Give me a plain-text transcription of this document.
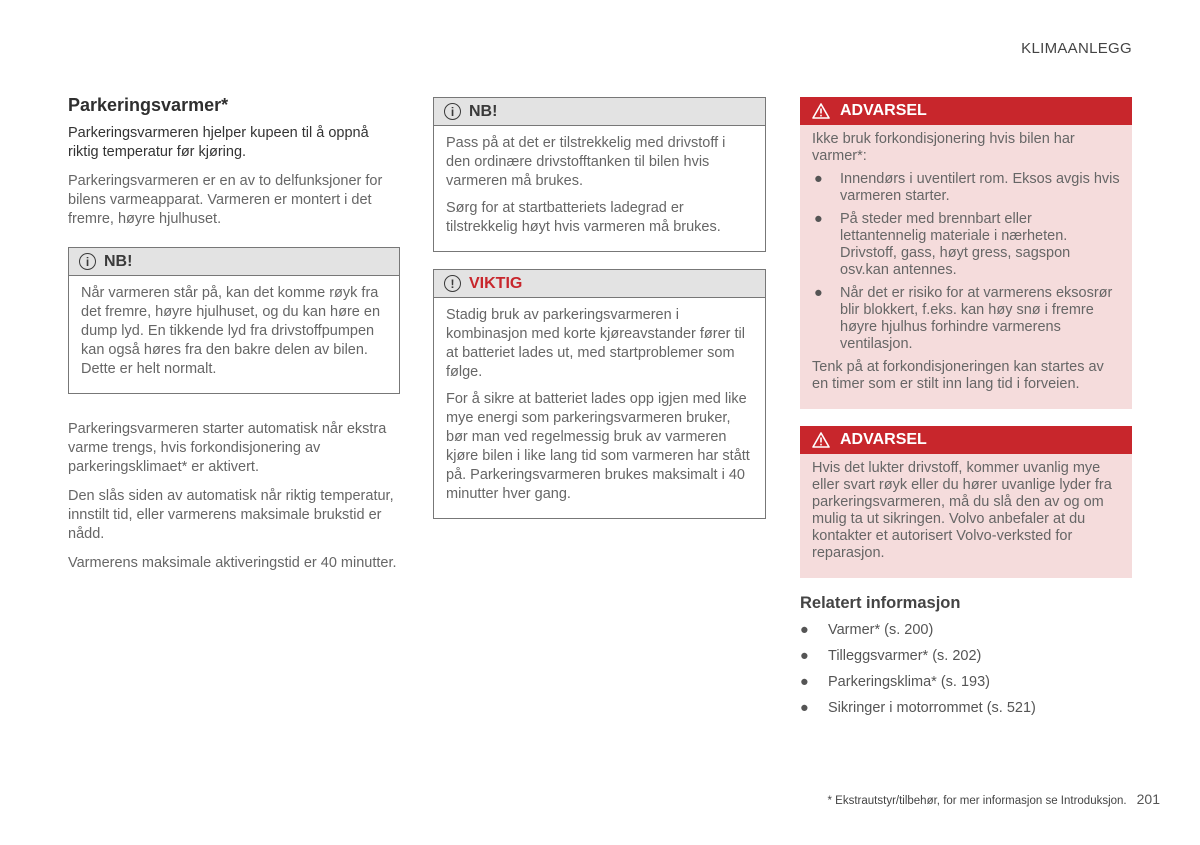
KLIMAANLEGG
Parkeringsvarmer*

Parkeringsvarmeren hjelper kupeen til å oppnå riktig temperatur før kjøring.

Parkeringsvarmeren er en av to delfunksjoner for bilens varmeapparat. Varmeren er montert i det fremre, høyre hjulhuset.

i NB!

Når varmeren står på, kan det komme røyk fra det fremre, høyre hjulhuset, og du kan høre en dump lyd. En tikkende lyd fra drivstoffpumpen kan også høres fra den bakre delen av bilen. Dette er helt normalt.

Parkeringsvarmeren starter automatisk når ekstra varme trengs, hvis forkondisjonering av parkeringsklimaet* er aktivert.

Den slås siden av automatisk når riktig temperatur, innstilt tid, eller varmerens maksimale brukstid er nådd.

Varmerens maksimale aktiveringstid er 40 minutter.

i NB!

Pass på at det er tilstrekkelig med drivstoff i den ordinære drivstofftanken til bilen hvis varmeren må brukes.

Sørg for at startbatteriets ladegrad er tilstrekkelig høyt hvis varmeren må brukes.

! VIKTIG

Stadig bruk av parkeringsvarmeren i kombinasjon med korte kjøreavstander fører til at batteriet lades ut, med startproblemer som følge.

For å sikre at batteriet lades opp igjen med like mye energi som parkeringsvarmeren bruker, bør man ved regelmessig bruk av varmeren kjøre bilen i like lang tid som varmeren har stått på. Parkeringsvarmeren brukes maksimalt i 40 minutter hver gang.

ADVARSEL

Ikke bruk forkondisjonering hvis bilen har varmer*:

● Innendørs i uventilert rom. Eksos avgis hvis varmeren starter.
● På steder med brennbart eller lettantennelig materiale i nærheten. Drivstoff, gass, høyt gress, sagspon osv.kan antennes.
● Når det er risiko for at varmerens eksosrør blir blokkert, f.eks. kan høy snø i fremre høyre hjulhus forhindre varmerens ventilasjon.

Tenk på at forkondisjoneringen kan startes av en timer som er stilt inn lang tid i forveien.

ADVARSEL

Hvis det lukter drivstoff, kommer uvanlig mye eller svart røyk eller du hører uvanlige lyder fra parkeringsvarmeren, må du slå den av og om mulig ta ut sikringen. Volvo anbefaler at du kontakter et autorisert Volvo-verksted for reparasjon.

Relatert informasjon
● Varmer* (s. 200)
● Tilleggsvarmer* (s. 202)
● Parkeringsklima* (s. 193)
● Sikringer i motorrommet (s. 521)
* Ekstrautstyr/tilbehør, for mer informasjon se Introduksjon. 201
